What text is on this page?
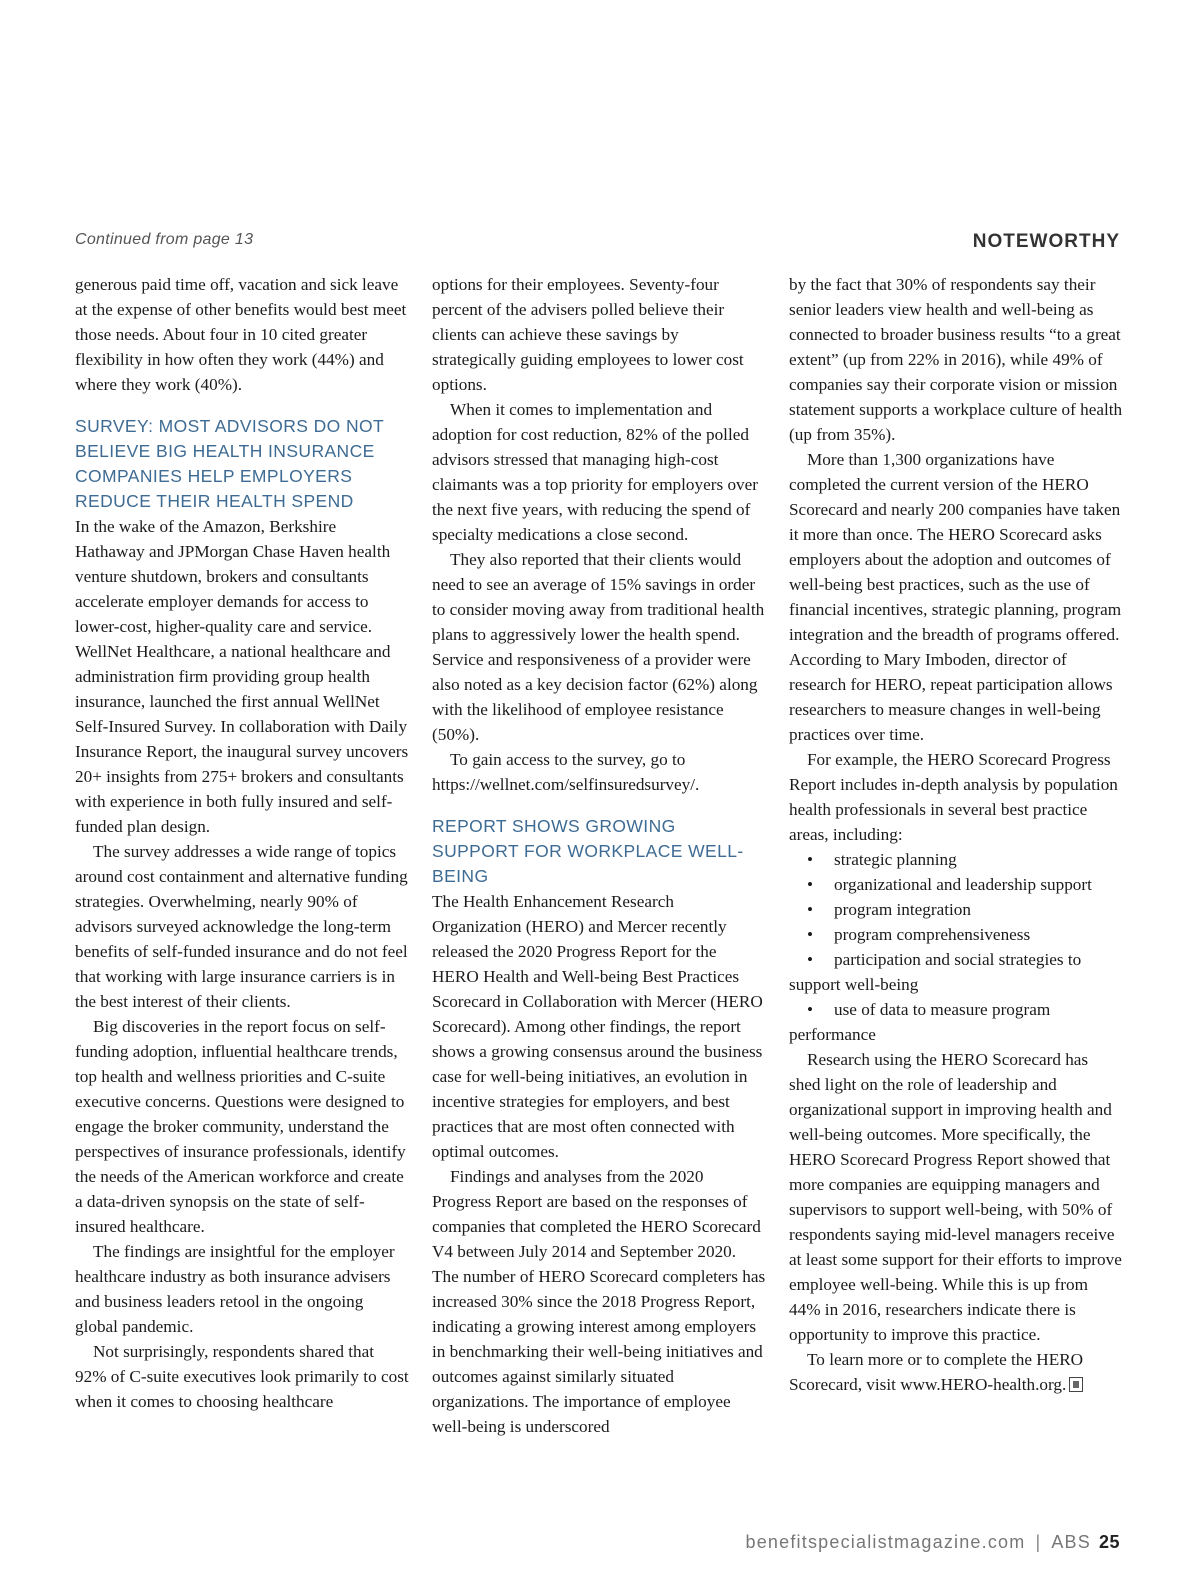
Continued from page 13	NOTEWORTHY

generous paid time off, vacation and sick leave at the expense of other benefits would best meet those needs. About four in 10 cited greater flexibility in how often they work (44%) and where they work (40%).

SURVEY: MOST ADVISORS DO NOT BELIEVE BIG HEALTH INSURANCE COMPANIES HELP EMPLOYERS REDUCE THEIR HEALTH SPEND

In the wake of the Amazon, Berkshire Hathaway and JPMorgan Chase Haven health venture shutdown, brokers and consultants accelerate employer demands for access to lower-cost, higher-quality care and service. WellNet Healthcare, a national healthcare and administration firm providing group health insurance, launched the first annual WellNet Self-Insured Survey. In collaboration with Daily Insurance Report, the inaugural survey uncovers 20+ insights from 275+ brokers and consultants with experience in both fully insured and self-funded plan design.

The survey addresses a wide range of topics around cost containment and alternative funding strategies. Overwhelming, nearly 90% of advisors surveyed acknowledge the long-term benefits of self-funded insurance and do not feel that working with large insurance carriers is in the best interest of their clients.

Big discoveries in the report focus on self-funding adoption, influential healthcare trends, top health and wellness priorities and C-suite executive concerns. Questions were designed to engage the broker community, understand the perspectives of insurance professionals, identify the needs of the American workforce and create a data-driven synopsis on the state of self-insured healthcare.

The findings are insightful for the employer healthcare industry as both insurance advisers and business leaders retool in the ongoing global pandemic.

Not surprisingly, respondents shared that 92% of C-suite executives look primarily to cost when it comes to choosing healthcare

options for their employees. Seventy-four percent of the advisers polled believe their clients can achieve these savings by strategically guiding employees to lower cost options.

When it comes to implementation and adoption for cost reduction, 82% of the polled advisors stressed that managing high-cost claimants was a top priority for employers over the next five years, with reducing the spend of specialty medications a close second.

They also reported that their clients would need to see an average of 15% savings in order to consider moving away from traditional health plans to aggressively lower the health spend. Service and responsiveness of a provider were also noted as a key decision factor (62%) along with the likelihood of employee resistance (50%).

To gain access to the survey, go to https://wellnet.com/selfinsuredsurvey/.

REPORT SHOWS GROWING SUPPORT FOR WORKPLACE WELL-BEING

The Health Enhancement Research Organization (HERO) and Mercer recently released the 2020 Progress Report for the HERO Health and Well-being Best Practices Scorecard in Collaboration with Mercer (HERO Scorecard). Among other findings, the report shows a growing consensus around the business case for well-being initiatives, an evolution in incentive strategies for employers, and best practices that are most often connected with optimal outcomes.

Findings and analyses from the 2020 Progress Report are based on the responses of companies that completed the HERO Scorecard V4 between July 2014 and September 2020. The number of HERO Scorecard completers has increased 30% since the 2018 Progress Report, indicating a growing interest among employers in benchmarking their well-being initiatives and outcomes against similarly situated organizations. The importance of employee well-being is underscored

by the fact that 30% of respondents say their senior leaders view health and well-being as connected to broader business results “to a great extent” (up from 22% in 2016), while 49% of companies say their corporate vision or mission statement supports a workplace culture of health (up from 35%).

More than 1,300 organizations have completed the current version of the HERO Scorecard and nearly 200 companies have taken it more than once. The HERO Scorecard asks employers about the adoption and outcomes of well-being best practices, such as the use of financial incentives, strategic planning, program integration and the breadth of programs offered. According to Mary Imboden, director of research for HERO, repeat participation allows researchers to measure changes in well-being practices over time.

For example, the HERO Scorecard Progress Report includes in-depth analysis by population health professionals in several best practice areas, including:

• strategic planning
• organizational and leadership support
• program integration
• program comprehensiveness
• participation and social strategies to support well-being
• use of data to measure program performance

Research using the HERO Scorecard has shed light on the role of leadership and organizational support in improving health and well-being outcomes. More specifically, the HERO Scorecard Progress Report showed that more companies are equipping managers and supervisors to support well-being, with 50% of respondents saying mid-level managers receive at least some support for their efforts to improve employee well-being. While this is up from 44% in 2016, researchers indicate there is opportunity to improve this practice.

To learn more or to complete the HERO Scorecard, visit www.HERO-health.org.

benefitspecialistmagazine.com | ABS 25
